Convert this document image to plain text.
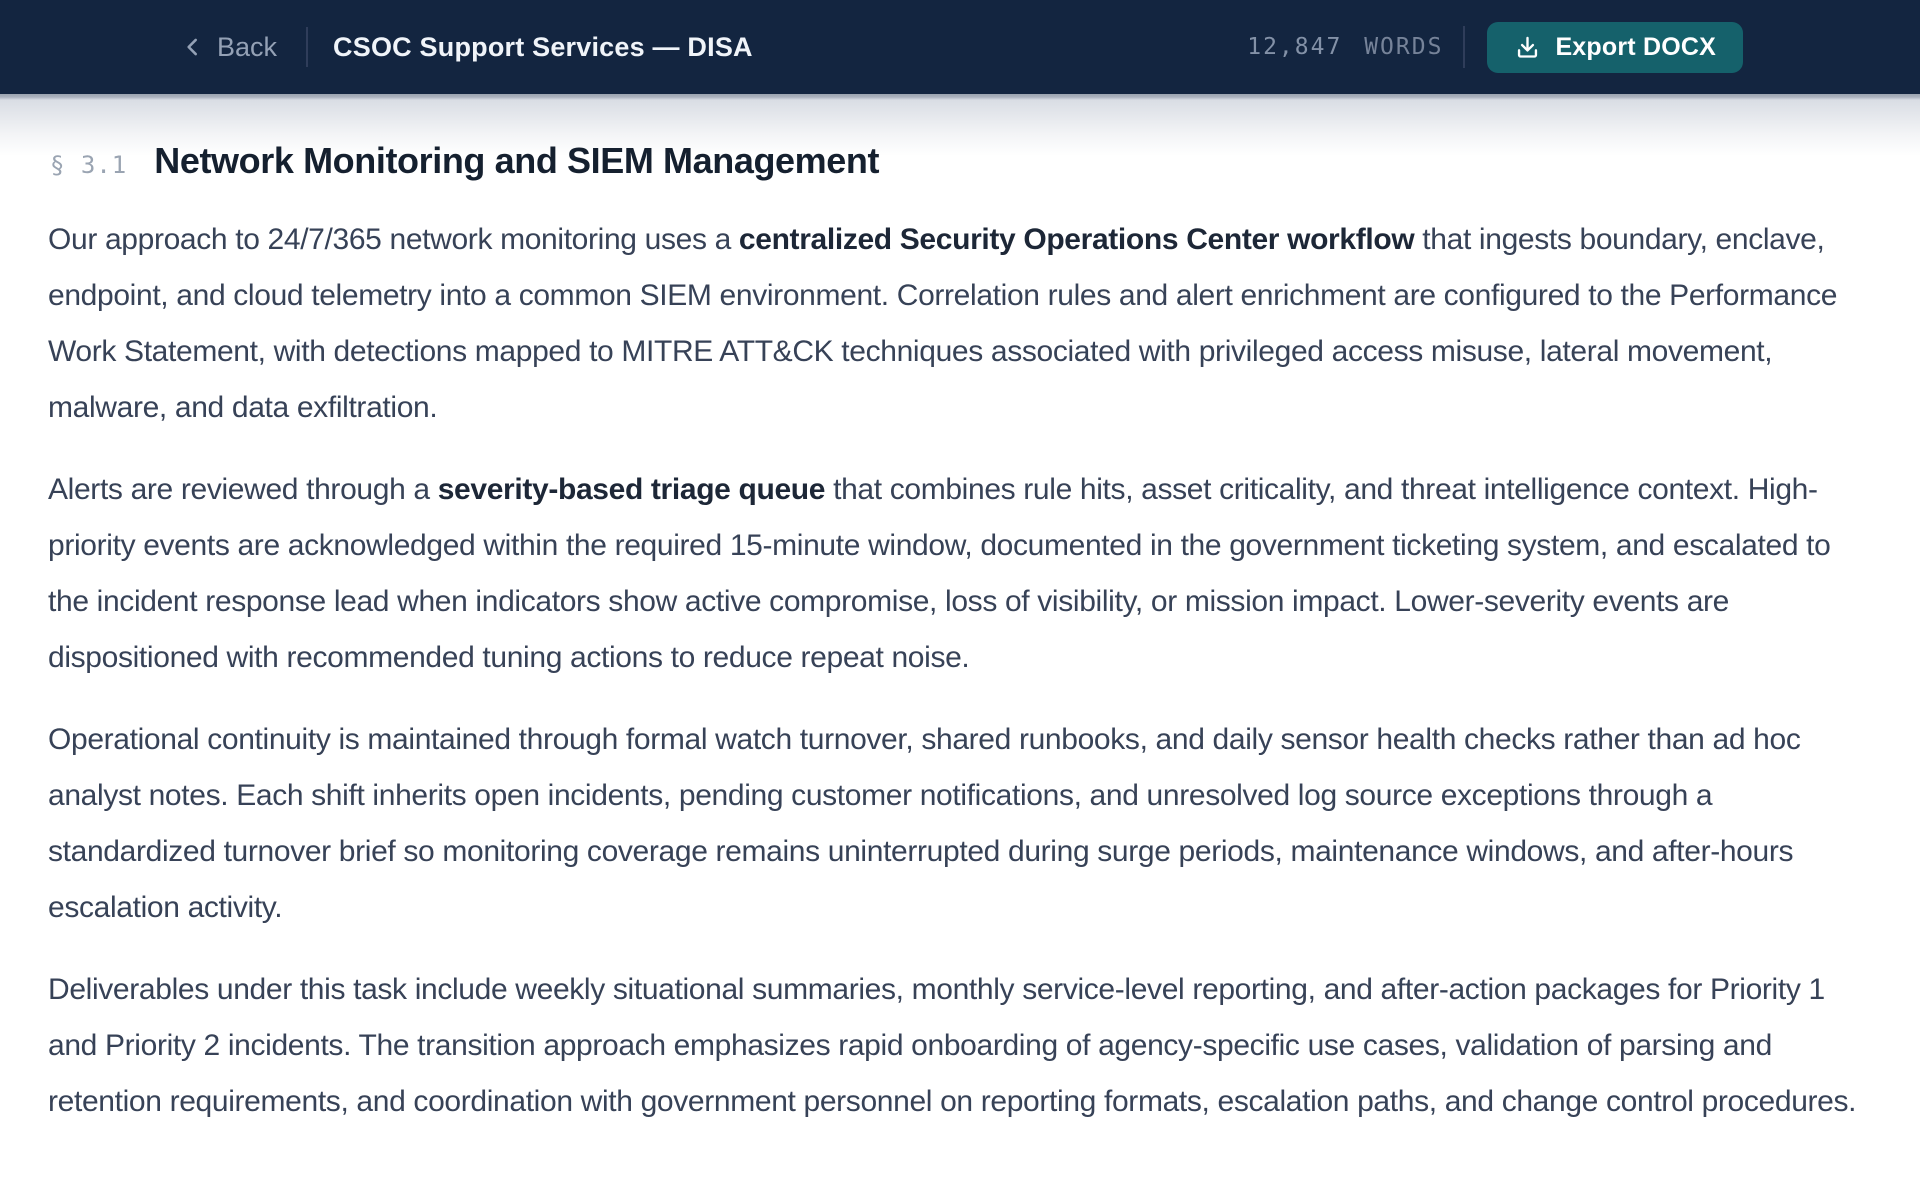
Back CSOC Support Services — DISA	12,847 WORDS	Export DOCX
§ 3.1 Network Monitoring and SIEM Management

Our approach to 24/7/365 network monitoring uses a centralized Security Operations Center workflow that ingests boundary, enclave, endpoint, and cloud telemetry into a common SIEM environment. Correlation rules and alert enrichment are configured to the Performance Work Statement, with detections mapped to MITRE ATT&CK techniques associated with privileged access misuse, lateral movement, malware, and data exfiltration.

Alerts are reviewed through a severity-based triage queue that combines rule hits, asset criticality, and threat intelligence context. High-priority events are acknowledged within the required 15-minute window, documented in the government ticketing system, and escalated to the incident response lead when indicators show active compromise, loss of visibility, or mission impact. Lower-severity events are dispositioned with recommended tuning actions to reduce repeat noise.

Operational continuity is maintained through formal watch turnover, shared runbooks, and daily sensor health checks rather than ad hoc analyst notes. Each shift inherits open incidents, pending customer notifications, and unresolved log source exceptions through a standardized turnover brief so monitoring coverage remains uninterrupted during surge periods, maintenance windows, and after-hours escalation activity.

Deliverables under this task include weekly situational summaries, monthly service-level reporting, and after-action packages for Priority 1 and Priority 2 incidents. The transition approach emphasizes rapid onboarding of agency-specific use cases, validation of parsing and retention requirements, and coordination with government personnel on reporting formats, escalation paths, and change control procedures.
